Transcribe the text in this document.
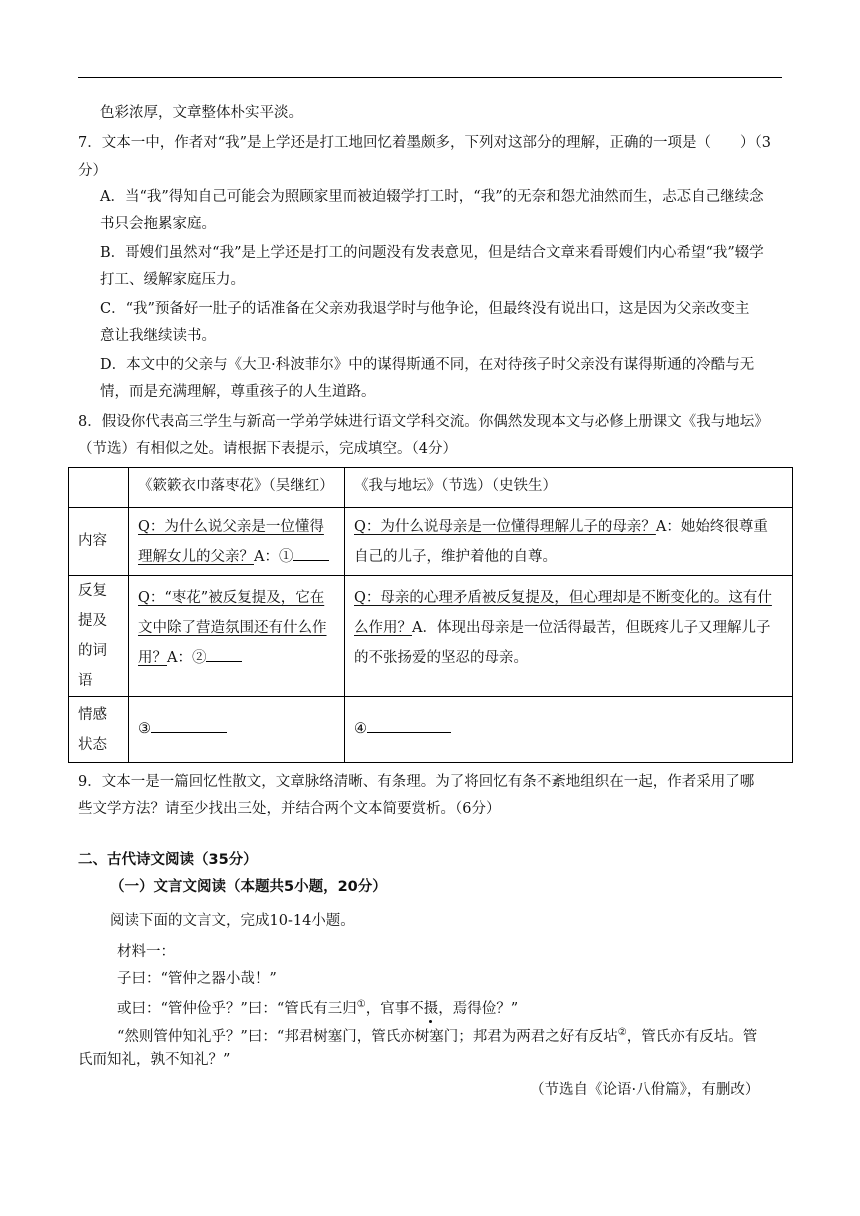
色彩浓厚，文章整体朴实平淡。
7．文本一中，作者对“我”是上学还是打工地回忆着墨颇多，下列对这部分的理解，正确的一项是（　　）（3
分）
A．当“我”得知自己可能会为照顾家里而被迫辍学打工时，“我”的无奈和怨尤油然而生，忐忑自己继续念
书只会拖累家庭。
B．哥嫂们虽然对“我”是上学还是打工的问题没有发表意见，但是结合文章来看哥嫂们内心希望“我”辍学
打工、缓解家庭压力。
C．“我”预备好一肚子的话准备在父亲劝我退学时与他争论，但最终没有说出口，这是因为父亲改变主
意让我继续读书。
D．本文中的父亲与《大卫·科波菲尔》中的谋得斯通不同，在对待孩子时父亲没有谋得斯通的冷酷与无
情，而是充满理解，尊重孩子的人生道路。
8．假设你代表高三学生与新高一学弟学妹进行语文学科交流。你偶然发现本文与必修上册课文《我与地坛》
（节选）有相似之处。请根据下表提示，完成填空。（4分）

	《簌簌衣巾落枣花》（吴继红）	《我与地坛》（节选）（史铁生）

内容	Q：为什么说父亲是一位懂得
理解女儿的父亲？A：①	Q：为什么说母亲是一位懂得理解儿子的母亲？A：她始终很尊重
自己的儿子，维护着他的自尊。

反复
提及
的词
语	Q：“枣花”被反复提及，它在
文中除了营造氛围还有什么作
用？A：②	Q：母亲的心理矛盾被反复提及，但心理却是不断变化的。这有什
么作用？A．体现出母亲是一位活得最苦，但既疼儿子又理解儿子
的不张扬爱的坚忍的母亲。

情感
状态	③	④
9．文本一是一篇回忆性散文，文章脉络清晰、有条理。为了将回忆有条不紊地组织在一起，作者采用了哪
些文学方法？请至少找出三处，并结合两个文本简要赏析。（6分）
二、古代诗文阅读（35分）
（一）文言文阅读（本题共5小题，20分）
阅读下面的文言文，完成10-14小题。
材料一：
子曰：“管仲之器小哉！”
或曰：“管仲俭乎？”曰：“管氏有三归①，官事不摄，焉得俭？”
“然则管仲知礼乎？”曰：“邦君树塞门，管氏亦树塞门；邦君为两君之好有反坫②，管氏亦有反坫。管
氏而知礼，孰不知礼？”
（节选自《论语·八佾篇》，有删改）
